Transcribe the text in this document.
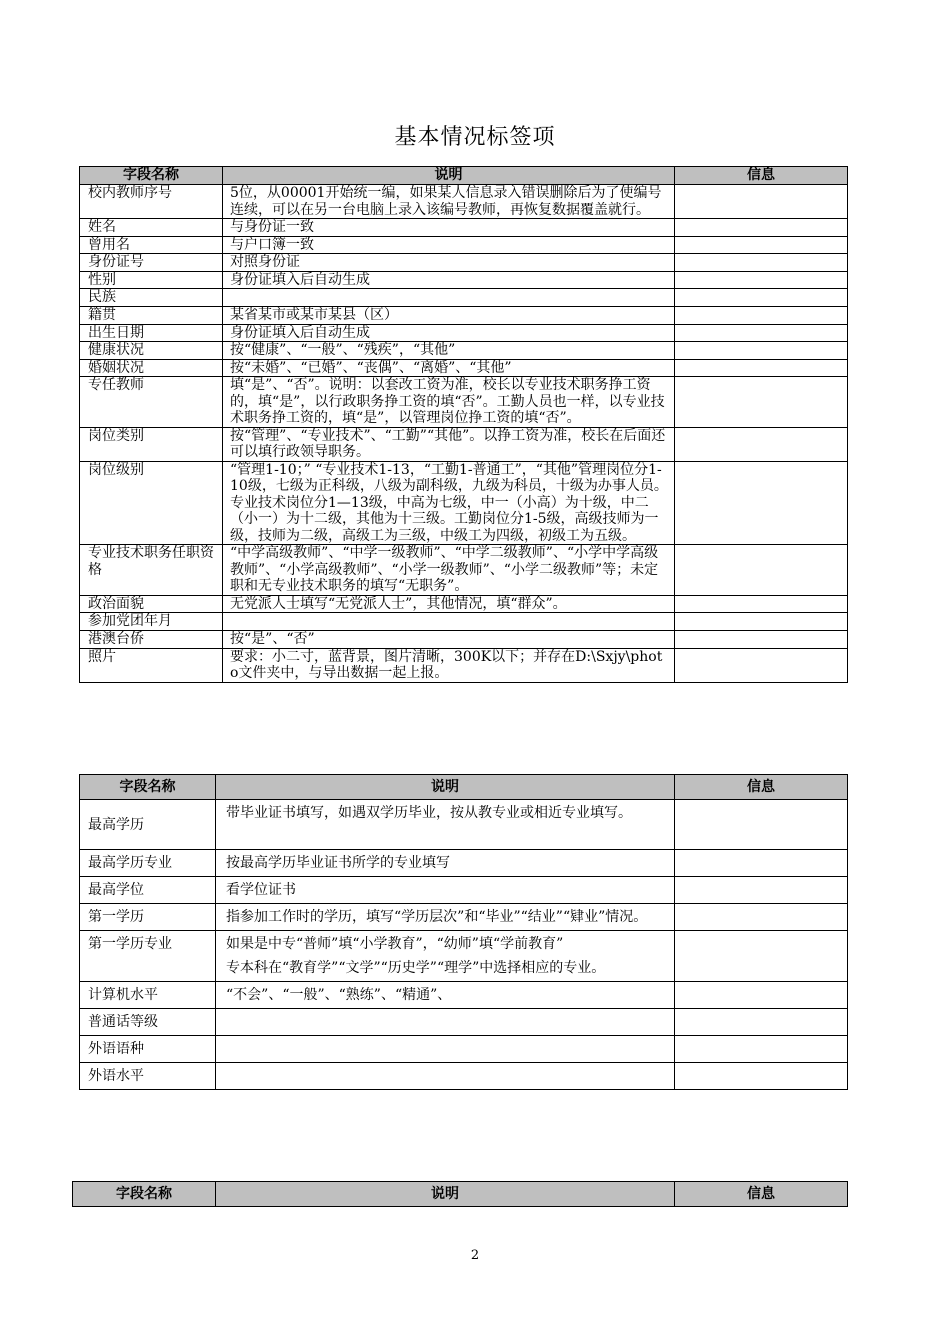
基本情况标签项
字段名称	说明	信息
校内教师序号	5位，从00001开始统一编，如果某人信息录入错误删除后为了使编号连续，可以在另一台电脑上录入该编号教师，再恢复数据覆盖就行。	
姓名	与身份证一致	
曾用名	与户口簿一致	
身份证号	对照身份证	
性别	身份证填入后自动生成	
民族		
籍贯	某省某市或某市某县（区）	
出生日期	身份证填入后自动生成	
健康状况	按“健康”、“一般”、“残疾”，“其他”	
婚姻状况	按“未婚”、“已婚”、“丧偶”、“离婚”、“其他”	
专任教师	填“是”、“否”。说明：以套改工资为准，校长以专业技术职务挣工资的，填“是”，以行政职务挣工资的填“否”。工勤人员也一样，以专业技术职务挣工资的，填“是”，以管理岗位挣工资的填“否”。	
岗位类别	按“管理”、“专业技术”、“工勤”“其他”。以挣工资为准，校长在后面还可以填行政领导职务。	
岗位级别	“管理1-10；” “专业技术1-13，“工勤1-普通工”，“其他”管理岗位分1-10级，七级为正科级，八级为副科级，九级为科员，十级为办事人员。专业技术岗位分1—13级，中高为七级，中一（小高）为十级，中二（小一）为十二级，其他为十三级。工勤岗位分1-5级，高级技师为一级，技师为二级，高级工为三级，中级工为四级，初级工为五级。	
专业技术职务任职资格	“中学高级教师”、“中学一级教师”、“中学二级教师”、“小学中学高级教师”、“小学高级教师”、“小学一级教师”、“小学二级教师”等；未定职和无专业技术职务的填写“无职务”。	
政治面貌	无党派人士填写“无党派人士”，其他情况，填“群众”。	
参加党团年月		
港澳台侨	按“是”、“否”	
照片	要求：小二寸，蓝背景，图片清晰，300K以下；并存在D:\Sxjy\photo文件夹中，与导出数据一起上报。	
字段名称	说明	信息
最高学历	带毕业证书填写，如遇双学历毕业，按从教专业或相近专业填写。	
最高学历专业	按最高学历毕业证书所学的专业填写	
最高学位	看学位证书	
第一学历	指参加工作时的学历，填写“学历层次”和“毕业”“结业”“肄业”情况。	
第一学历专业	如果是中专“普师”填“小学教育”，“幼师”填“学前教育”
专本科在“教育学”“文学”“历史学”“理学”中选择相应的专业。	

计算机水平	“不会”、“一般”、“熟练”、“精通”、	
普通话等级		
外语语种		
外语水平		
字段名称	说明	信息
2
